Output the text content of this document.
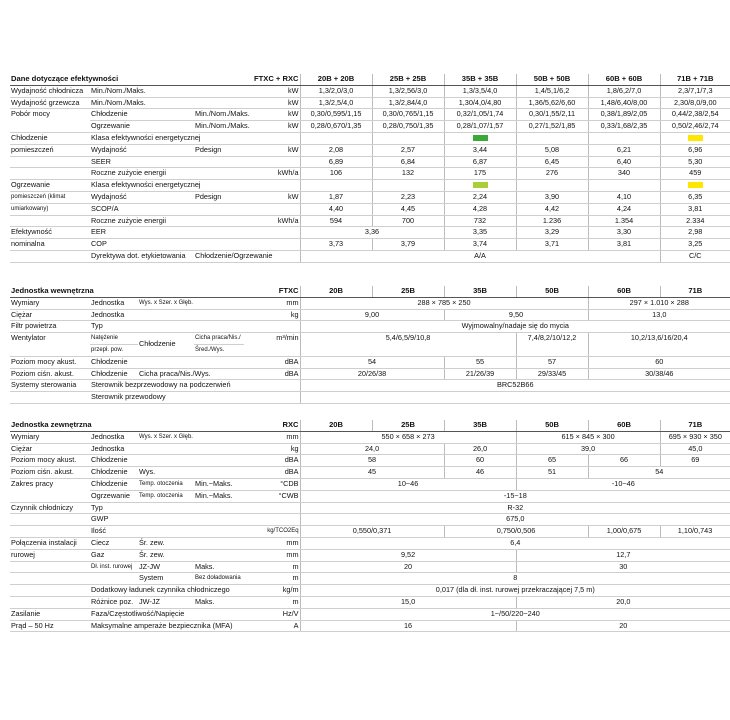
Dane dotyczące efektywności			FTXC + RXC	20B + 20B	25B + 25B	35B + 35B	50B + 50B	60B + 60B	71B + 71B
Wydajność chłodnicza	Min./Nom./Maks.		kW	1,3/2,0/3,0	1,3/2,56/3,0	1,3/3,5/4,0	1,4/5,1/6,2	1,8/6,2/7,0	2,3/7,1/7,3
Wydajność grzewcza	Min./Nom./Maks.		kW	1,3/2,5/4,0	1,3/2,84/4,0	1,30/4,0/4,80	1,36/5,62/6,60	1,48/6,40/8,00	2,30/8,0/9,00
Pobór mocy	Chłodzenie	Min./Nom./Maks.	kW	0,30/0,595/1,15	0,30/0,765/1,15	0,32/1,05/1,74	0,30/1,55/2,11	0,38/1,89/2,05	0,44/2,38/2,54
	Ogrzewanie	Min./Nom./Maks.	kW	0,28/0,670/1,35	0,28/0,750/1,35	0,28/1,07/1,57	0,27/1,52/1,85	0,33/1,68/2,35	0,50/2,46/2,74
Chłodzenie	Klasa efektywności energetycznej								
pomieszczeń	Wydajność	Pdesign	kW	2,08	2,57	3,44	5,08	6,21	6,96
	SEER			6,89	6,84	6,87	6,45	6,40	5,30
	Roczne zużycie energii		kWh/a	106	132	175	276	340	459
Ogrzewanie	Klasa efektywności energetycznej								
pomieszczeń (klimat	Wydajność	Pdesign	kW	1,87	2,23	2,24	3,90	4,10	6,35
umiarkowany)	SCOP/A			4,40	4,45	4,28	4,42	4,24	3,81
	Roczne zużycie energii		kWh/a	594	700	732	1.236	1.354	2.334
Efektywność	EER			3,36		3,35	3,29	3,30	2,98
nominalna	COP			3,73	3,79	3,74	3,71	3,81	3,25
	Dyrektywa dot. etykietowania	Chłodzenie/Ogrzewanie		A/A					C/C
Jednostka wewnętrzna				FTXC	20B	25B	35B	50B	60B	71B
Wymiary	Jednostka	Wys. x Szer. x Głęb.		mm	288 × 785 × 250				297 × 1.010 × 288	
Ciężar	Jednostka			kg	9,00		9,50		13,0	
Filtr powietrza	Typ				Wyjmowalny/nadaje się do mycia					
Wentylator	Natężenie	Chłodzenie	Cicha praca/Nis./	m³/min	5,4/6,5/9/10,8			7,4/8,2/10/12,2	10,2/13,6/16/20,4	
	przepł. pow.		Śred./Wys.							
Poziom mocy akust.	Chłodzenie			dBA	54		55	57	60	
Poziom ciśn. akust.	Chłodzenie	Cicha praca/Nis./Wys.		dBA	20/26/38		21/26/39	29/33/45	30/38/46	
Systemy sterowania	Sterownik bezprzewodowy na podczerwień				BRC52B66					
	Sterownik przewodowy									
Jednostka zewnętrzna				RXC	20B	25B	35B	50B	60B	71B	
Wymiary	Jednostka	Wys. x Szer. x Głęb.		mm	550 × 658 × 273			615 × 845 × 300		695 × 930 × 350	
Ciężar	Jednostka			kg	24,0		26,0	39,0		45,0	
Poziom mocy akust.	Chłodzenie			dBA	58		60	65	66	69	
Poziom ciśn. akust.	Chłodzenie	Wys.		dBA	45		46	51	54		
Zakres pracy	Chłodzenie	Temp. otoczenia	Min.~Maks.	°CDB	10~46			-10~46			
	Ogrzewanie	Temp. otoczenia	Min.~Maks.	°CWB	-15~18						
Czynnik chłodniczy	Typ				R-32						
	GWP				675,0						
	Ilość			kg/TCO2Eq	0,550/0,371		0,750/0,506		1,00/0,675	1,10/0,743	
Połączenia instalacji	Ciecz	Śr. zew.		mm	6,4						
rurowej	Gaz	Śr. zew.		mm	9,52			12,7			
	Dł. inst. rurowej	JZ-JW	Maks.	m	20			30			
		System	Bez doładowania	m	8						
	Dodatkowy ładunek czynnika chłodniczego			kg/m	0,017 (dla dł. inst. rurowej przekraczającej 7,5 m)						
	Różnice poz.	JW-JZ	Maks.	m	15,0			20,0			
Zasilanie	Faza/Częstotliwość/Napięcie			Hz/V	1~/50/220~240						
Prąd – 50 Hz	Maksymalne amperaże bezpiecznika (MFA)			A	16			20			
